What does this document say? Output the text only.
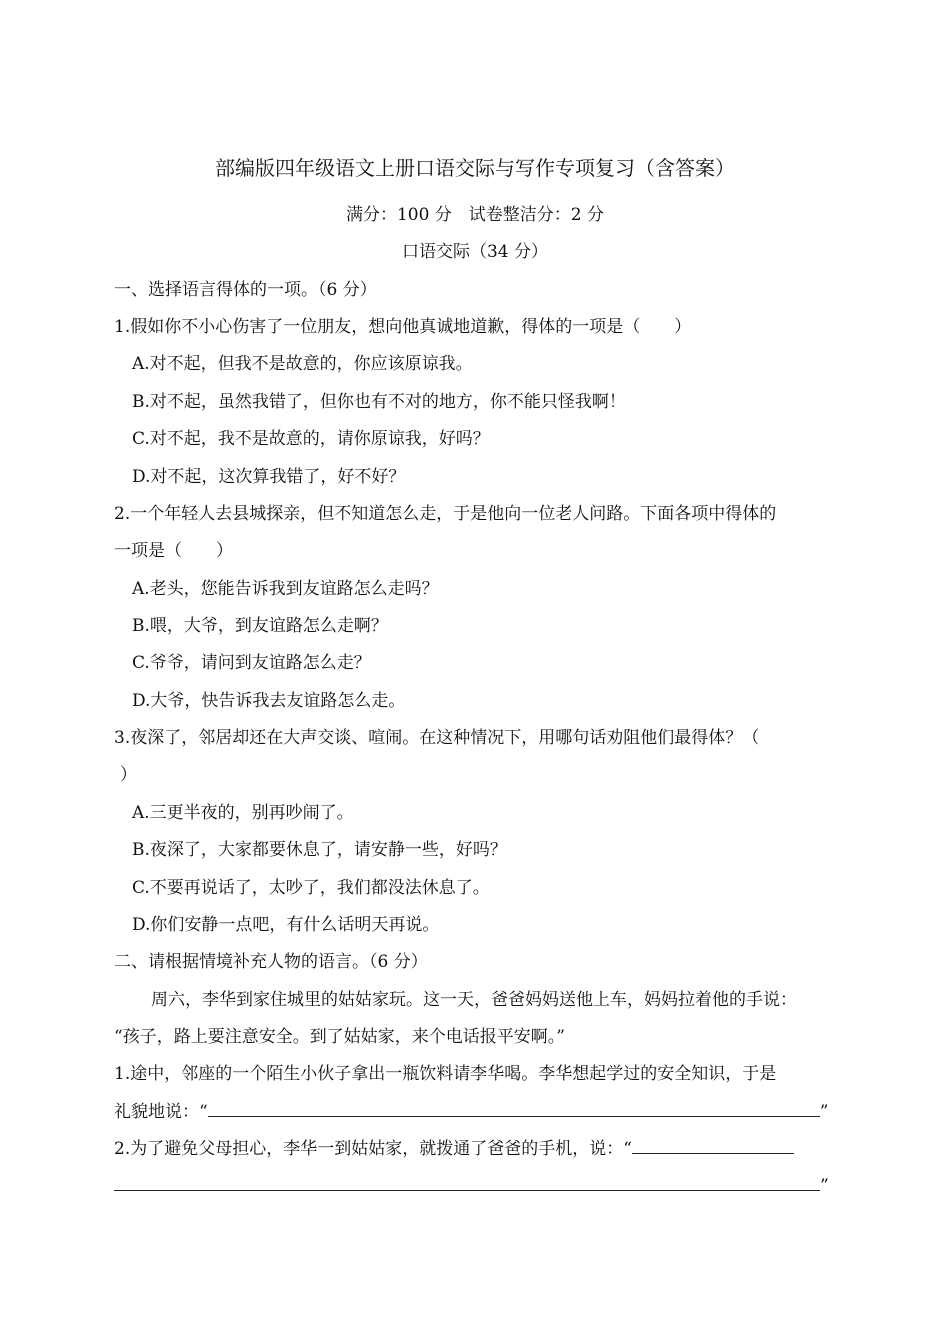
部编版四年级语文上册口语交际与写作专项复习（含答案）
满分：100 分　试卷整洁分：2 分
口语交际（34 分）
一、选择语言得体的一项。（6 分）
1.假如你不小心伤害了一位朋友，想向他真诚地道歉，得体的一项是（　　）
A.对不起，但我不是故意的，你应该原谅我。
B.对不起，虽然我错了，但你也有不对的地方，你不能只怪我啊！
C.对不起，我不是故意的，请你原谅我，好吗？
D.对不起，这次算我错了，好不好？
2.一个年轻人去县城探亲，但不知道怎么走，于是他向一位老人问路。下面各项中得体的
一项是（　　）
A.老头，您能告诉我到友谊路怎么走吗？
B.喂，大爷，到友谊路怎么走啊？
C.爷爷，请问到友谊路怎么走？
D.大爷，快告诉我去友谊路怎么走。
3.夜深了，邻居却还在大声交谈、喧闹。在这种情况下，用哪句话劝阻他们最得体？（
）
A.三更半夜的，别再吵闹了。
B.夜深了，大家都要休息了，请安静一些，好吗？
C.不要再说话了，太吵了，我们都没法休息了。
D.你们安静一点吧，有什么话明天再说。
二、请根据情境补充人物的语言。（6 分）
周六，李华到家住城里的姑姑家玩。这一天，爸爸妈妈送他上车，妈妈拉着他的手说：
“孩子，路上要注意安全。到了姑姑家，来个电话报平安啊。”
1.途中，邻座的一个陌生小伙子拿出一瓶饮料请李华喝。李华想起学过的安全知识，于是
礼貌地说：“	”
2.为了避免父母担心，李华一到姑姑家，就拨通了爸爸的手机，说：“
”
